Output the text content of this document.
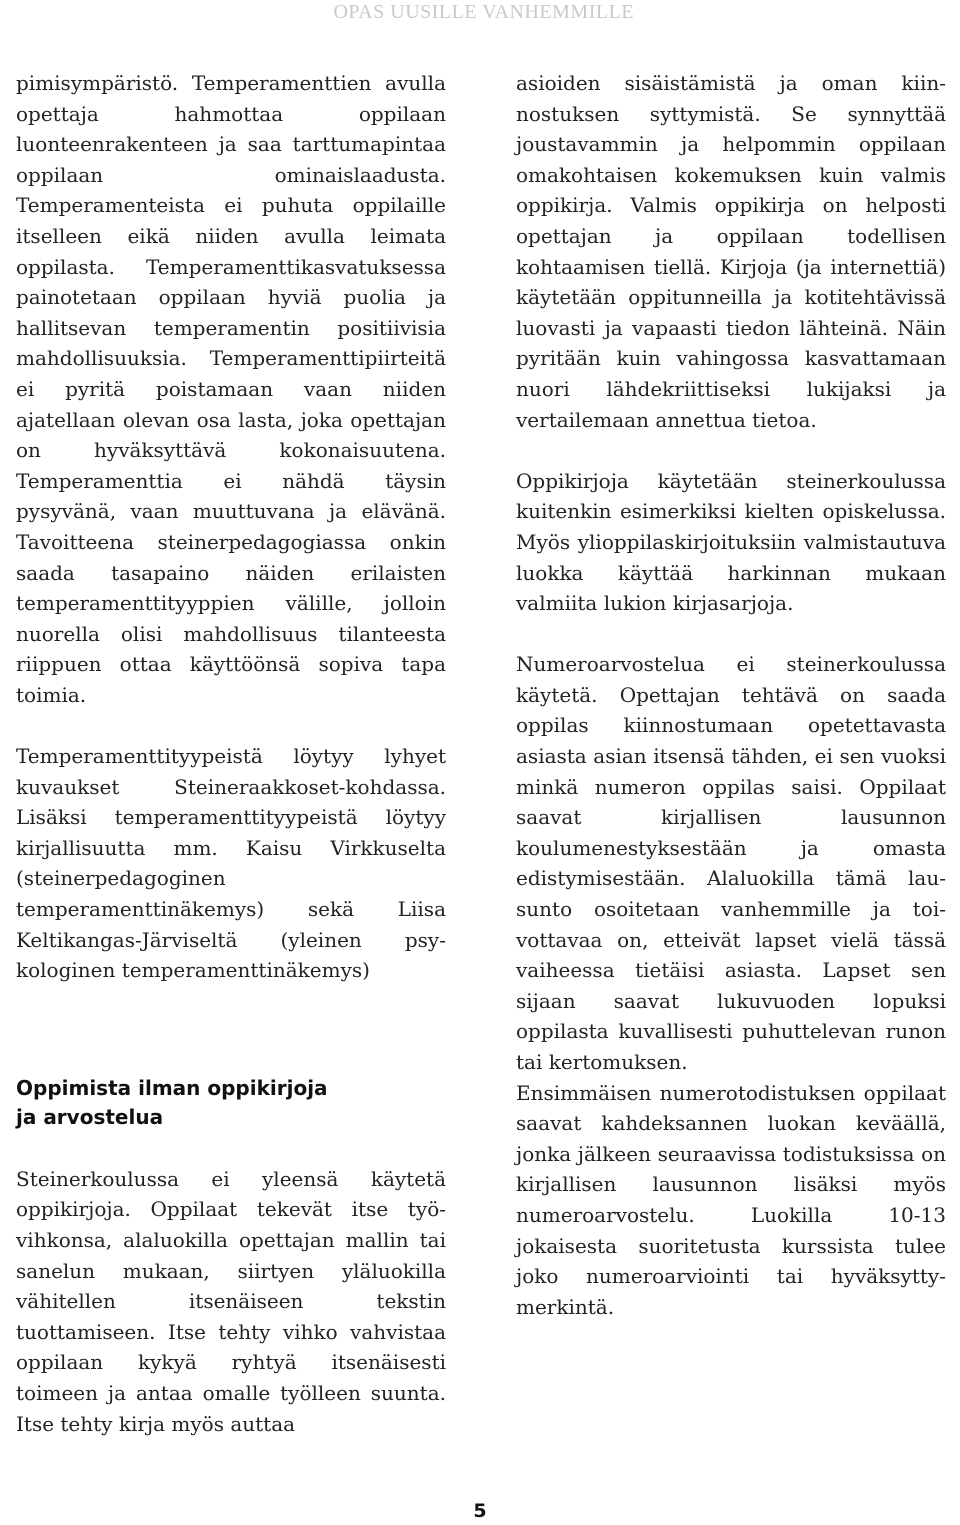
OPAS UUSILLE VANHEMMILLE

pimisympäristö. Temperamenttien avulla opettaja hahmottaa oppilaan luonteenrakenteen ja saa tarttumapintaa oppilaan ominaislaadusta. Temperamenteista ei puhuta oppilaille itselleen eikä niiden avulla leimata oppilasta. Temperamenttikasvatuksessa painotetaan oppilaan hyviä puolia ja hallitsevan temperamentin positiivisia mahdollisuuksia. Temperamenttipiirteitä ei pyritä poistamaan vaan niiden ajatellaan olevan osa lasta, joka opettajan on hyväksyttävä kokonaisuutena. Temperamenttia ei nähdä täysin pysyvänä, vaan muuttuvana ja elävänä. Tavoitteena steinerpedagogiassa onkin saada tasapaino näiden erilaisten temperamenttityyppien välille, jolloin nuorella olisi mahdollisuus tilanteesta riippuen ottaa käyttöönsä sopiva tapa toimia.

Temperamenttityypeistä löytyy lyhyet kuvaukset Steineraakkoset-kohdassa. Lisäksi temperamenttityypeistä löytyy kirjallisuutta mm. Kaisu Virkkuselta (steinerpedagoginen temperamenttinäkemys) sekä Liisa Keltikangas-Järviseltä (yleinen psykologinen temperamenttinäkemys)

Oppimista ilman oppikirjoja
ja arvostelua

Steinerkoulussa ei yleensä käytetä oppikirjoja. Oppilaat tekevät itse työvihkonsa, alaluokilla opettajan mallin tai sanelun mukaan, siirtyen yläluokilla vähitellen itsenäiseen tekstin tuottamiseen. Itse tehty vihko vahvistaa oppilaan kykyä ryhtyä itsenäisesti toimeen ja antaa omalle työlleen suunta. Itse tehty kirja myös auttaa

asioiden sisäistämistä ja oman kiinnostuksen syttymistä. Se synnyttää joustavammin ja helpommin oppilaan omakohtaisen kokemuksen kuin valmis oppikirja. Valmis oppikirja on helposti opettajan ja oppilaan todellisen kohtaamisen tiellä. Kirjoja (ja internettiä) käytetään oppitunneilla ja kotitehtävissä luovasti ja vapaasti tiedon lähteinä. Näin pyritään kuin vahingossa kasvattamaan nuori lähdekriittiseksi lukijaksi ja vertailemaan annettua tietoa.

Oppikirjoja käytetään steinerkoulussa kuitenkin esimerkiksi kielten opiskelussa. Myös ylioppilaskirjoituksiin valmistautuva luokka käyttää harkinnan mukaan valmiita lukion kirjasarjoja.

Numeroarvostelua ei steinerkoulussa käytetä. Opettajan tehtävä on saada oppilas kiinnostumaan opetettavasta asiasta asian itsensä tähden, ei sen vuoksi minkä numeron oppilas saisi. Oppilaat saavat kirjallisen lausunnon koulumenestyksestään ja omasta edistymisestään. Alaluokilla tämä lausunto osoitetaan vanhemmille ja toivottavaa on, etteivät lapset vielä tässä vaiheessa tietäisi asiasta. Lapset sen sijaan saavat lukuvuoden lopuksi oppilasta kuvallisesti puhuttelevan runon tai kertomuksen.

Ensimmäisen numerotodistuksen oppilaat saavat kahdeksannen luokan keväällä, jonka jälkeen seuraavissa todistuksissa on kirjallisen lausunnon lisäksi myös numeroarvostelu. Luokilla 10-13 jokaisesta suoritetusta kurssista tulee joko numeroarviointi tai hyväksytty-merkintä.

5
